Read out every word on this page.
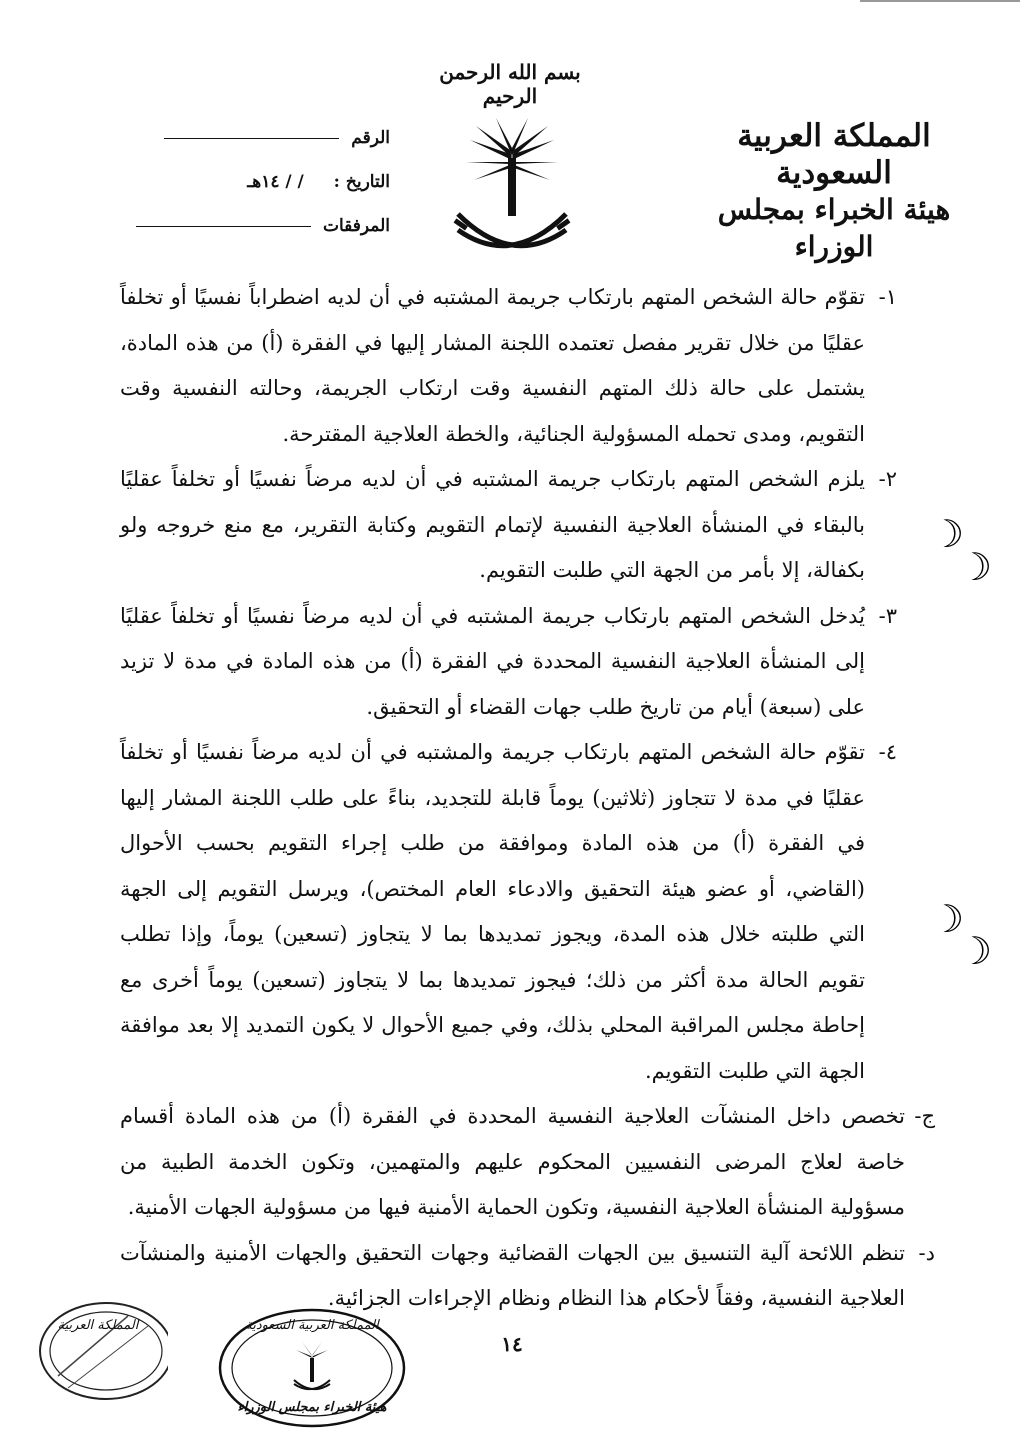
بسم الله الرحمن الرحيم
المملكة العربية السعودية
هيئة الخبراء بمجلس الوزراء
الرقم
التاريخ : / / ١٤هـ
المرفقات
١-
تقوّم حالة الشخص المتهم بارتكاب جريمة المشتبه في أن لديه اضطراباً نفسيًا أو تخلفاً عقليًا من خلال تقرير مفصل تعتمده اللجنة المشار إليها في الفقرة (أ) من هذه المادة، يشتمل على حالة ذلك المتهم النفسية وقت ارتكاب الجريمة، وحالته النفسية وقت التقويم، ومدى تحمله المسؤولية الجنائية، والخطة العلاجية المقترحة.
٢-
يلزم الشخص المتهم بارتكاب جريمة المشتبه في أن لديه مرضاً نفسيًا أو تخلفاً عقليًا بالبقاء في المنشأة العلاجية النفسية لإتمام التقويم وكتابة التقرير، مع منع خروجه ولو بكفالة، إلا بأمر من الجهة التي طلبت التقويم.
٣-
يُدخل الشخص المتهم بارتكاب جريمة المشتبه في أن لديه مرضاً نفسيًا أو تخلفاً عقليًا إلى المنشأة العلاجية النفسية المحددة في الفقرة (أ) من هذه المادة في مدة لا تزيد على (سبعة) أيام من تاريخ طلب جهات القضاء أو التحقيق.
٤-
تقوّم حالة الشخص المتهم بارتكاب جريمة والمشتبه في أن لديه مرضاً نفسيًا أو تخلفاً عقليًا في مدة لا تتجاوز (ثلاثين) يوماً قابلة للتجديد، بناءً على طلب اللجنة المشار إليها في الفقرة (أ) من هذه المادة وموافقة من طلب إجراء التقويم بحسب الأحوال (القاضي، أو عضو هيئة التحقيق والادعاء العام المختص)، ويرسل التقويم إلى الجهة التي طلبته خلال هذه المدة، ويجوز تمديدها بما لا يتجاوز (تسعين) يوماً، وإذا تطلب تقويم الحالة مدة أكثر من ذلك؛ فيجوز تمديدها بما لا يتجاوز (تسعين) يوماً أخرى مع إحاطة مجلس المراقبة المحلي بذلك، وفي جميع الأحوال لا يكون التمديد إلا بعد موافقة الجهة التي طلبت التقويم.
ج-
تخصص داخل المنشآت العلاجية النفسية المحددة في الفقرة (أ) من هذه المادة أقسام خاصة لعلاج المرضى النفسيين المحكوم عليهم والمتهمين، وتكون الخدمة الطبية من مسؤولية المنشأة العلاجية النفسية، وتكون الحماية الأمنية فيها من مسؤولية الجهات الأمنية.
د-
تنظم اللائحة آلية التنسيق بين الجهات القضائية وجهات التحقيق والجهات الأمنية والمنشآت العلاجية النفسية، وفقاً لأحكام هذا النظام ونظام الإجراءات الجزائية.
☽
☽
☽
☽
١٤
المملكة العربية	المملكة العربية السعودية
هيئة الخبراء بمجلس الوزراء
